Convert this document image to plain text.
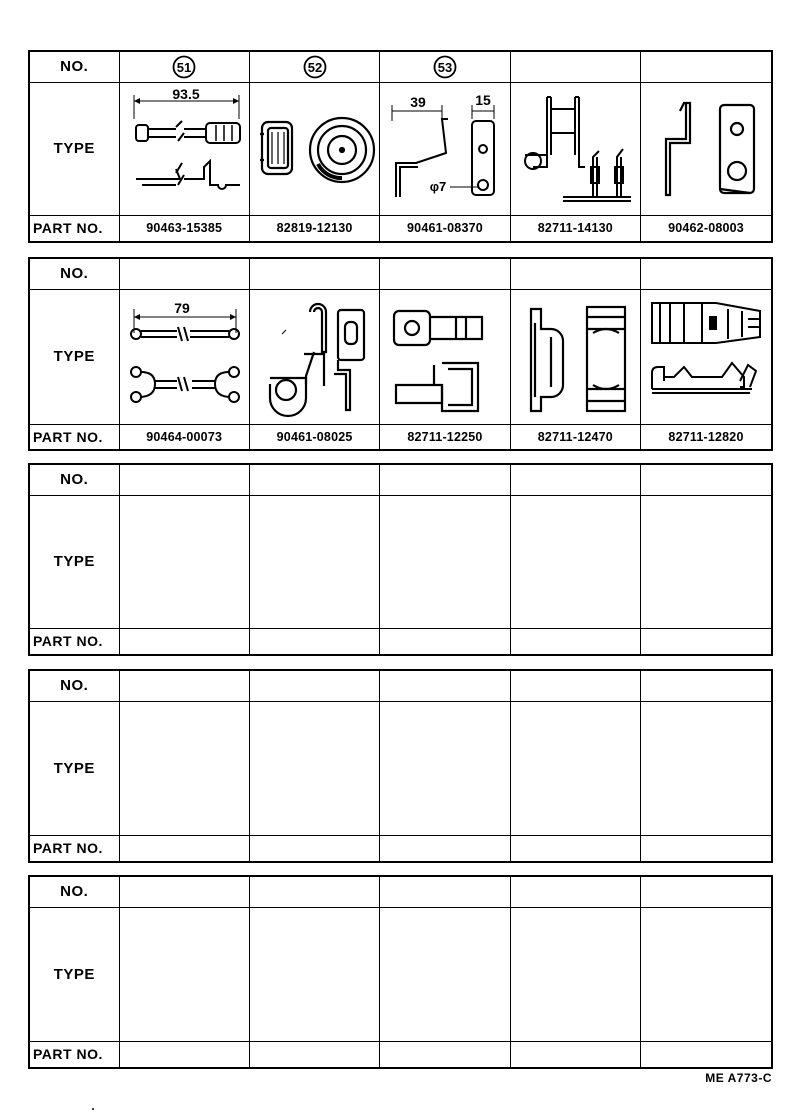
NO.	51	52	53		

TYPE	93.5		39 15
φ7

PART NO.	90463-15385	82819-12130	90461-08370	82711-14130	90462-08003
NO.					
TYPE	79

PART NO.	90464-00073	90461-08025	82711-12250	82711-12470	82711-12820
NO.					
TYPE					
PART NO.					
NO.					
TYPE					
PART NO.					
NO.					
TYPE					
PART NO.					
ME A773-C
